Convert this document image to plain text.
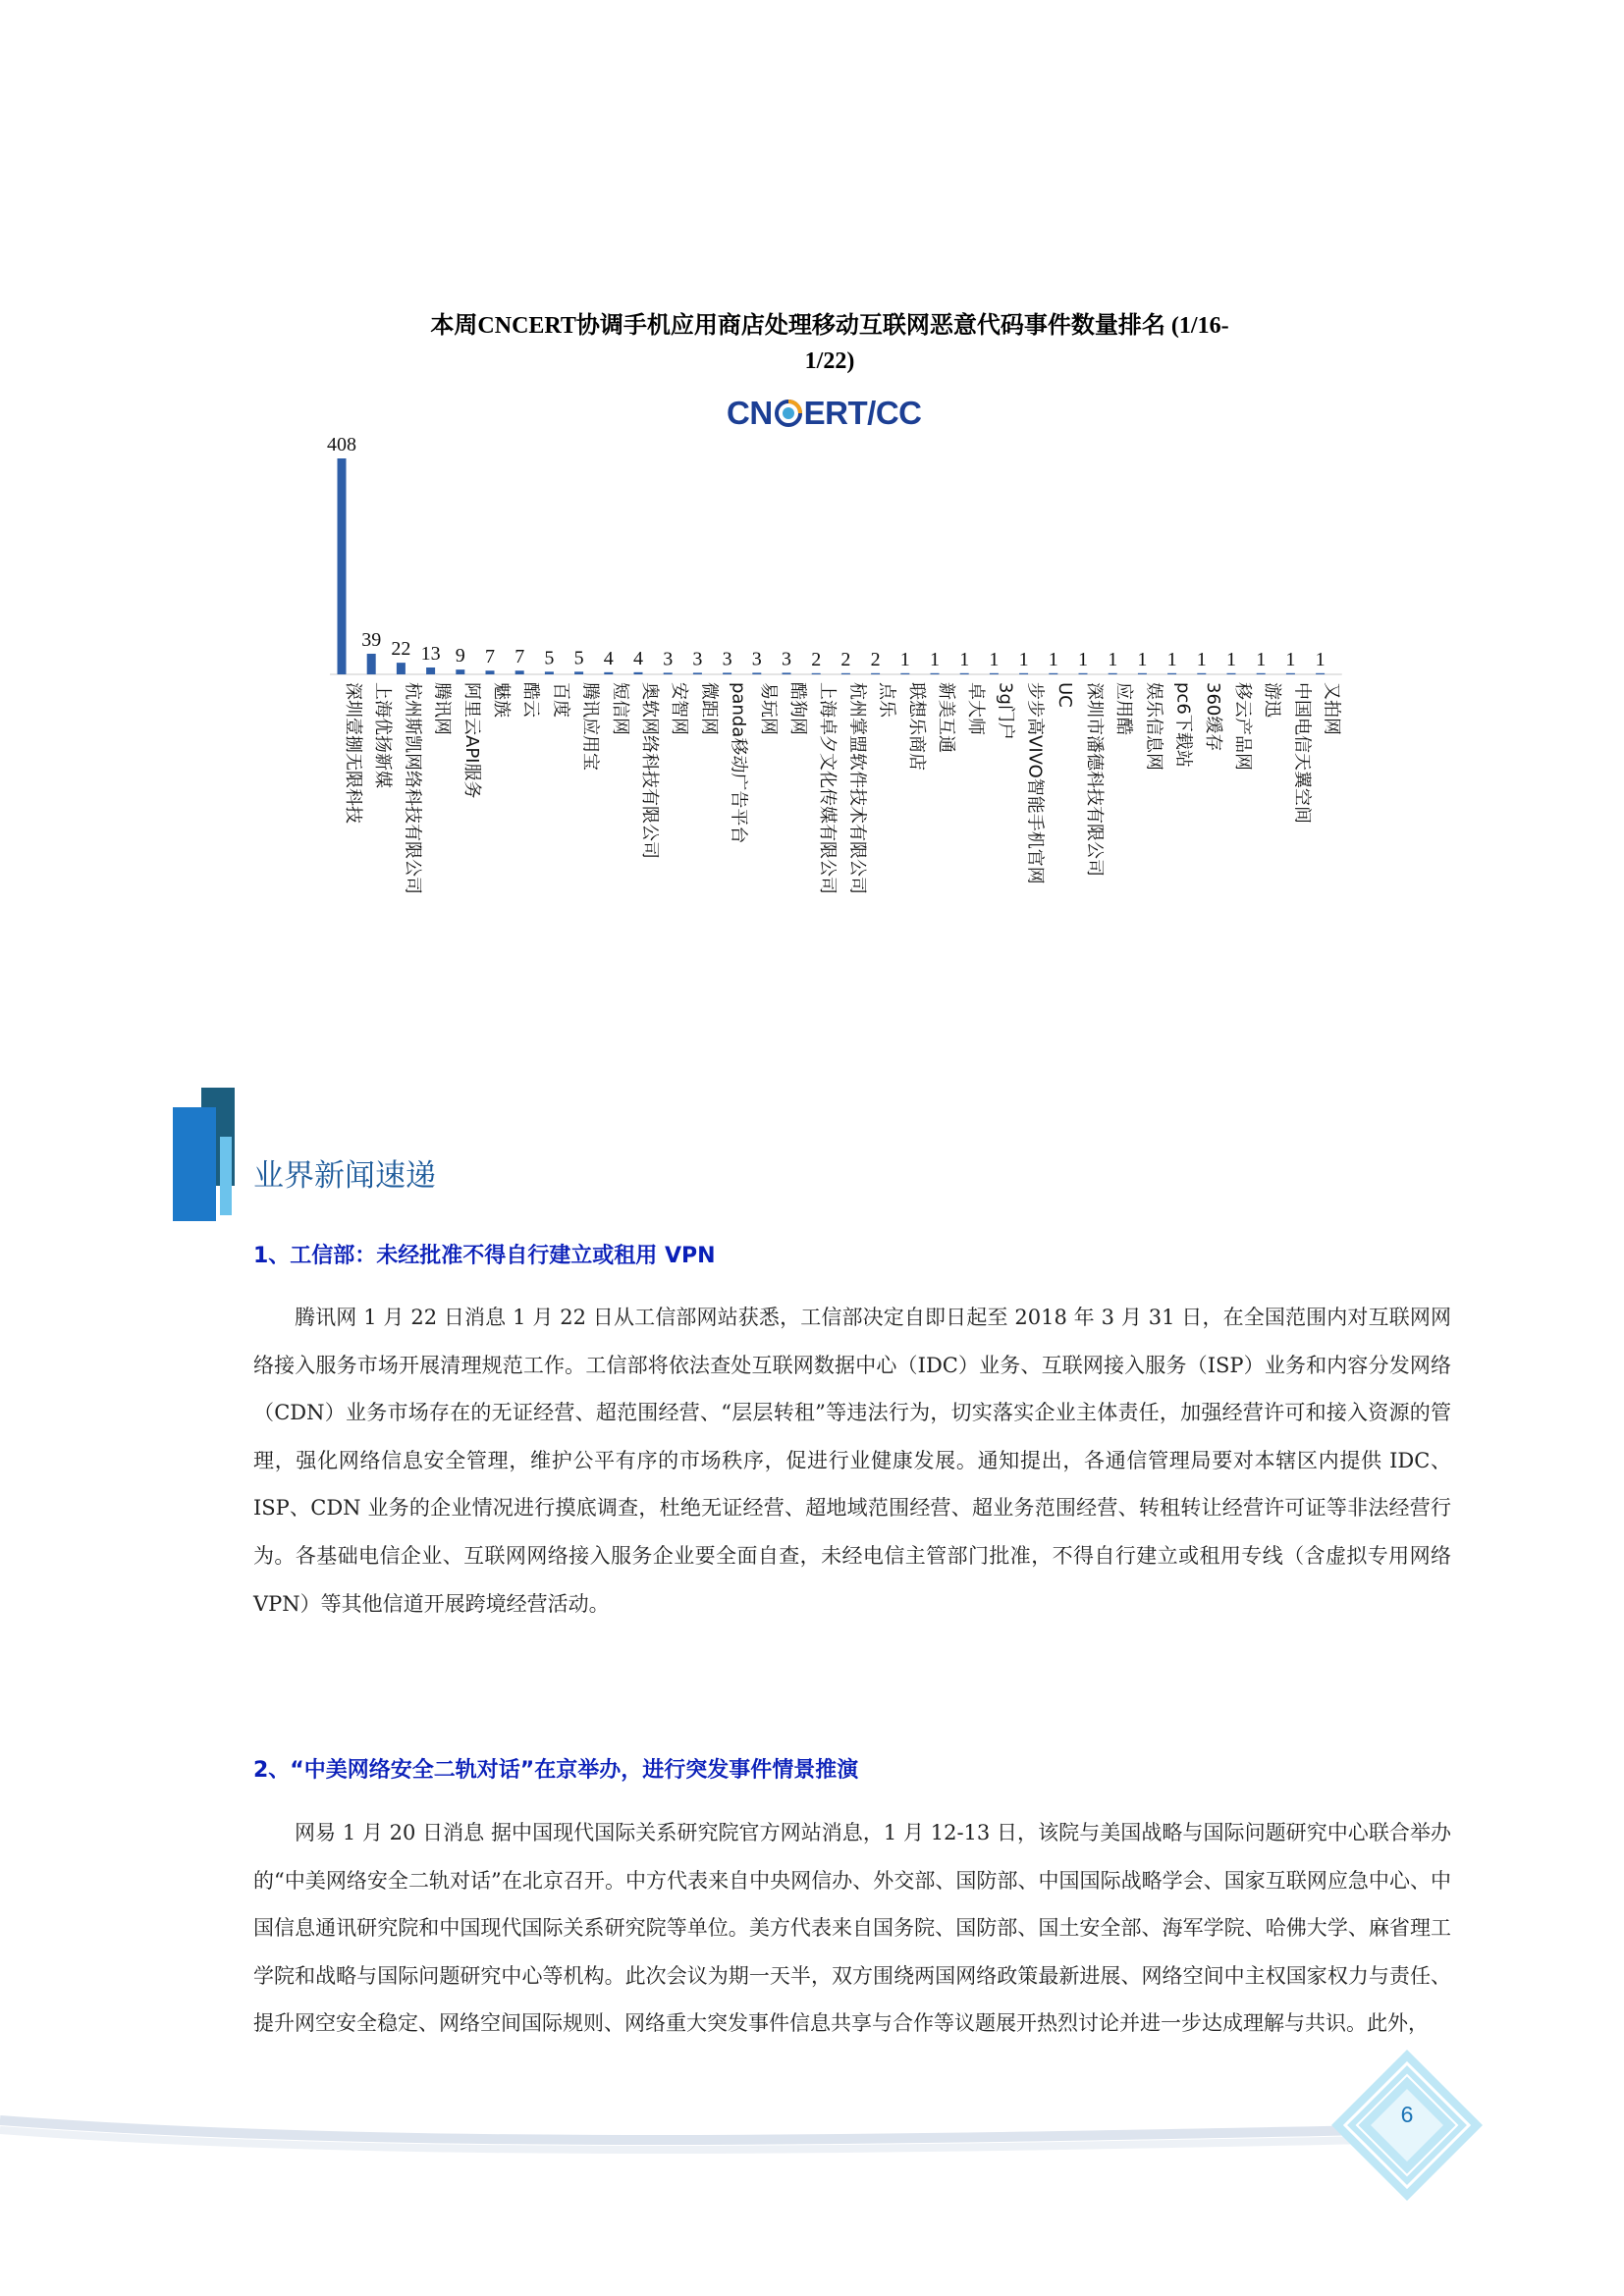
本周CNCERT协调手机应用商店处理移动互联网恶意代码事件数量排名 (1/16-
1/22)
CN ERT/CC
408
深圳壹捌无限科技
39
上海优扬新媒
22
杭州斯凯网络科技有限公司
13
腾讯网
9
阿里云API服务
7
魅族
7
酷云
5
百度
5
腾讯应用宝
4
短信网
4
奥软网络科技有限公司
3
安智网
3
微距网
3
panda移动广告平台
3
易玩网
3
酷狗网
2
上海卓夕文化传媒有限公司
2
杭州掌盟软件技术有限公司
2
点乐
1
联想乐商店
1
新美互通
1
卓大师
1
3g门户
1
步步高VIVO智能手机官网
1
UC
1
深圳市潘德科技有限公司
1
应用酷
1
娱乐信息网
1
pc6下载站
1
360缓存
1
移云产品网
1
游迅
1
中国电信天翼空间
1
又拍网
业界新闻速递
1、工信部：未经批准不得自行建立或租用 VPN

腾讯网 1 月 22 日消息 1 月 22 日从工信部网站获悉，工信部决定自即日起至 2018 年 3 月 31 日，在全国范围内对互联网网络接入服务市场开展清理规范工作。工信部将依法查处互联网数据中心（IDC）业务、互联网接入服务（ISP）业务和内容分发网络（CDN）业务市场存在的无证经营、超范围经营、“层层转租”等违法行为，切实落实企业主体责任，加强经营许可和接入资源的管理，强化网络信息安全管理，维护公平有序的市场秩序，促进行业健康发展。通知提出，各通信管理局要对本辖区内提供 IDC、ISP、CDN 业务的企业情况进行摸底调查，杜绝无证经营、超地域范围经营、超业务范围经营、转租转让经营许可证等非法经营行为。各基础电信企业、互联网网络接入服务企业要全面自查，未经电信主管部门批准，不得自行建立或租用专线（含虚拟专用网络 VPN）等其他信道开展跨境经营活动。

2、“中美网络安全二轨对话”在京举办，进行突发事件情景推演

网易 1 月 20 日消息 据中国现代国际关系研究院官方网站消息，1 月 12-13 日，该院与美国战略与国际问题研究中心联合举办的“中美网络安全二轨对话”在北京召开。中方代表来自中央网信办、外交部、国防部、中国国际战略学会、国家互联网应急中心、中国信息通讯研究院和中国现代国际关系研究院等单位。美方代表来自国务院、国防部、国土安全部、海军学院、哈佛大学、麻省理工学院和战略与国际问题研究中心等机构。此次会议为期一天半，双方围绕两国网络政策最新进展、网络空间中主权国家权力与责任、提升网空安全稳定、网络空间国际规则、网络重大突发事件信息共享与合作等议题展开热烈讨论并进一步达成理解与共识。此外，

6
